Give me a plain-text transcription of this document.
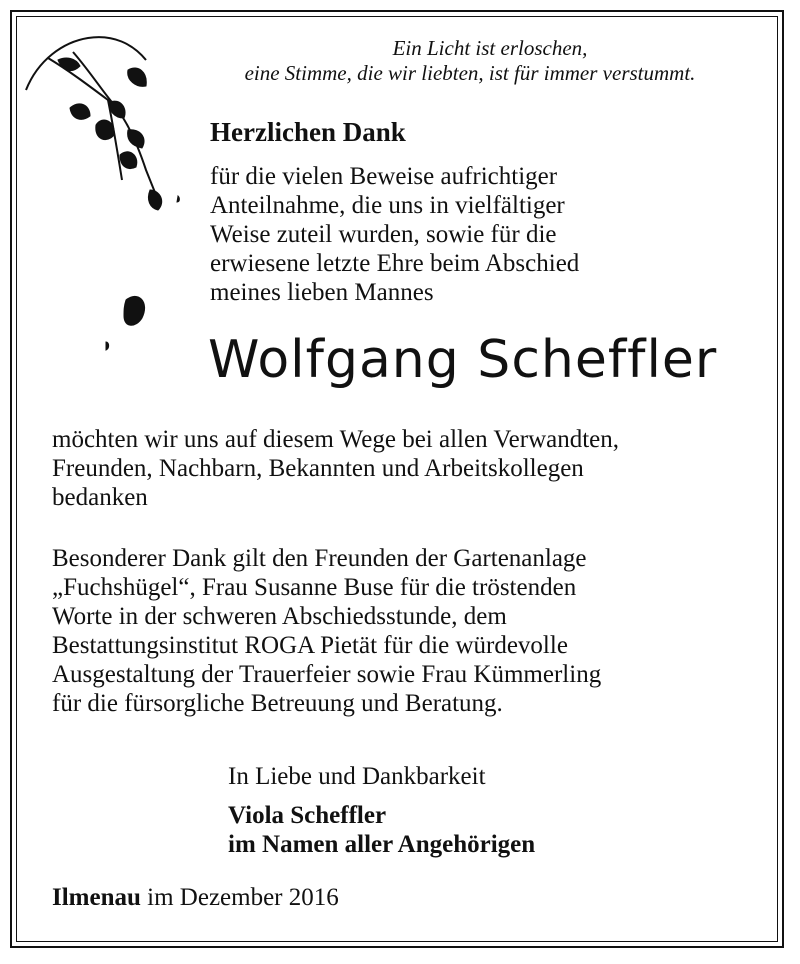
Ein Licht ist erloschen,
eine Stimme, die wir liebten, ist für immer verstummt.
Herzlichen Dank
für die vielen Beweise aufrichtiger
Anteilnahme, die uns in vielfältiger
Weise zuteil wurden, sowie für die
erwiesene letzte Ehre beim Abschied
meines lieben Mannes
Wolfgang Scheffler
möchten wir uns auf diesem Wege bei allen Verwandten,
Freunden, Nachbarn, Bekannten und Arbeitskollegen
bedanken
Besonderer Dank gilt den Freunden der Gartenanlage
„Fuchshügel“, Frau Susanne Buse für die tröstenden
Worte in der schweren Abschiedsstunde, dem
Bestattungsinstitut ROGA Pietät für die würdevolle
Ausgestaltung der Trauerfeier sowie Frau Kümmerling
für die fürsorgliche Betreuung und Beratung.
In Liebe und Dankbarkeit
Viola Scheffler
im Namen aller Angehörigen
Ilmenau im Dezember 2016
